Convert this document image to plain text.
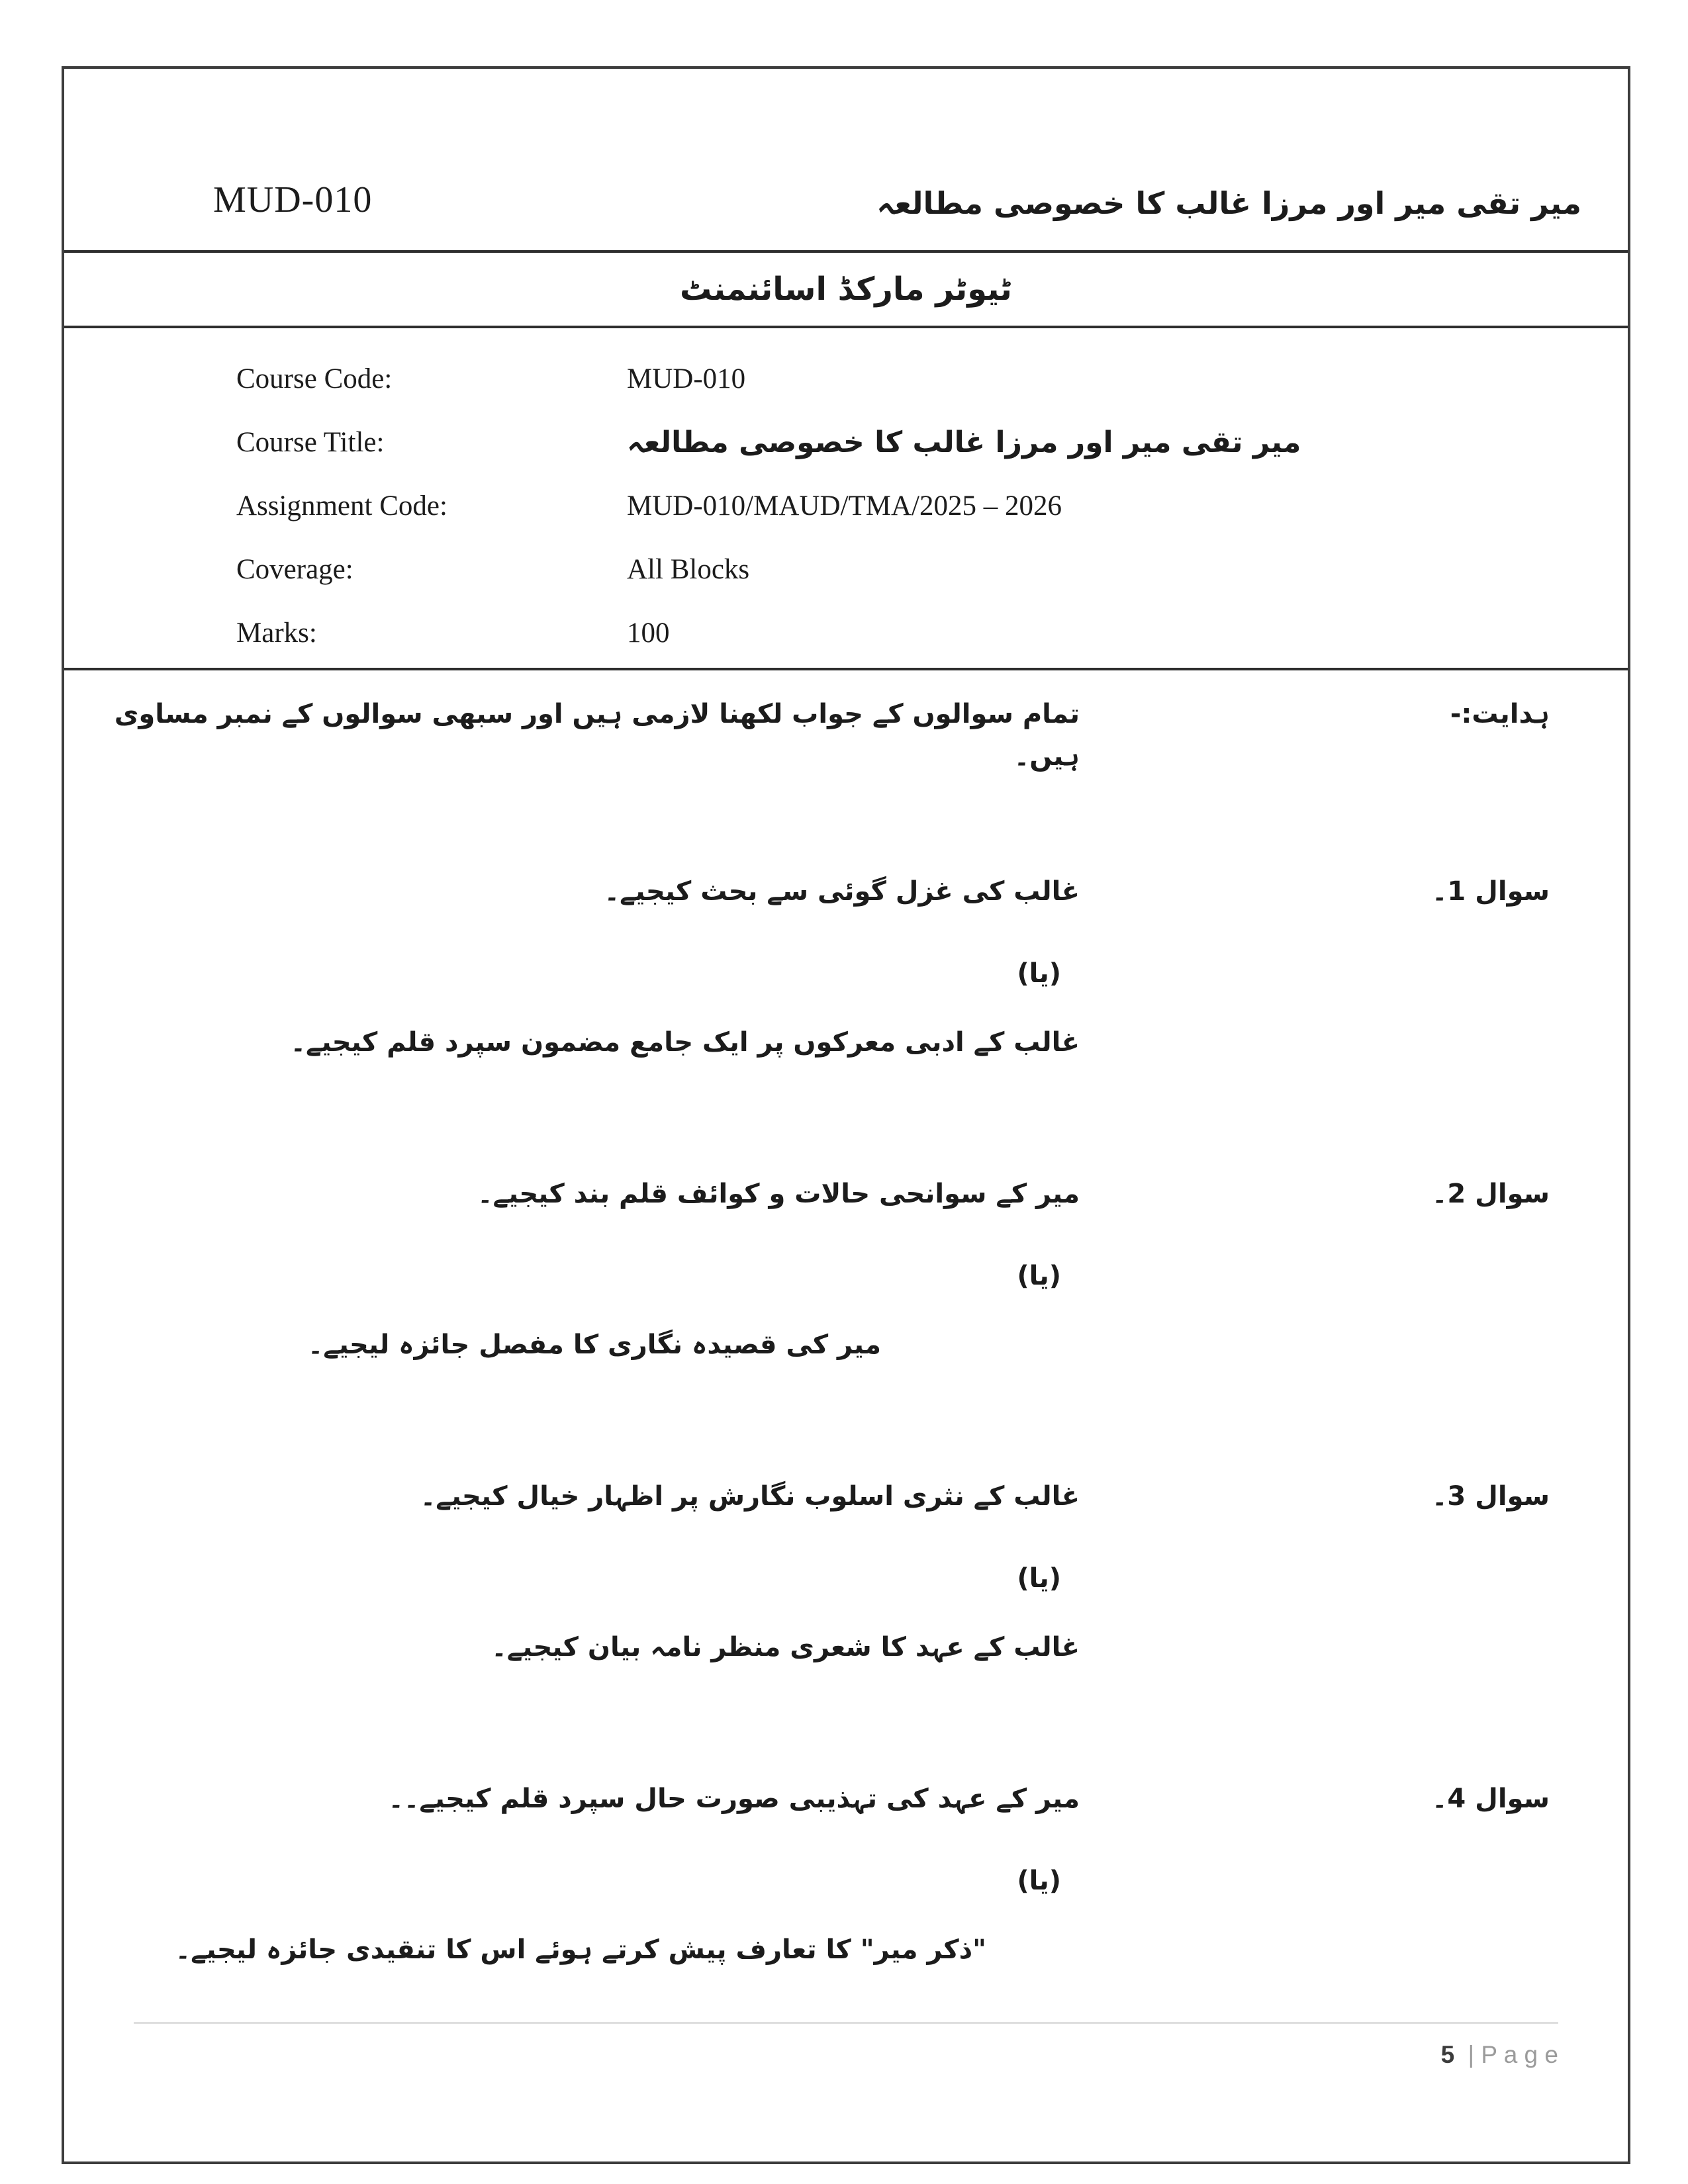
MUD-010	میر تقی میر اور مرزا غالب کا خصوصی مطالعہ
ٹیوٹر مارکڈ اسائنمنٹ
Course Code:	MUD-010
Course Title:	میر تقی میر اور مرزا غالب کا خصوصی مطالعہ
Assignment Code:	MUD-010/MAUD/TMA/2025 – 2026
Coverage:	All Blocks
Marks:	100
ہدایت:-
تمام سوالوں کے جواب لکھنا لازمی ہیں اور سبھی سوالوں کے نمبر مساوی ہیں۔
سوال 1۔
غالب کی غزل گوئی سے بحث کیجیے۔
(یا)
غالب کے ادبی معرکوں پر ایک جامع مضمون سپرد قلم کیجیے۔
سوال 2۔
میر کے سوانحی حالات و کوائف قلم بند کیجیے۔
(یا)
میر کی قصیدہ نگاری کا مفصل جائزہ لیجیے۔
سوال 3۔
غالب کے نثری اسلوب نگارش پر اظہار خیال کیجیے۔
(یا)
غالب کے عہد کا شعری منظر نامہ بیان کیجیے۔
سوال 4۔
میر کے عہد کی تہذیبی صورت حال سپرد قلم کیجیے۔۔
(یا)
"ذکر میر" کا تعارف پیش کرتے ہوئے اس کا تنقیدی جائزہ لیجیے۔
5 | P a g e
